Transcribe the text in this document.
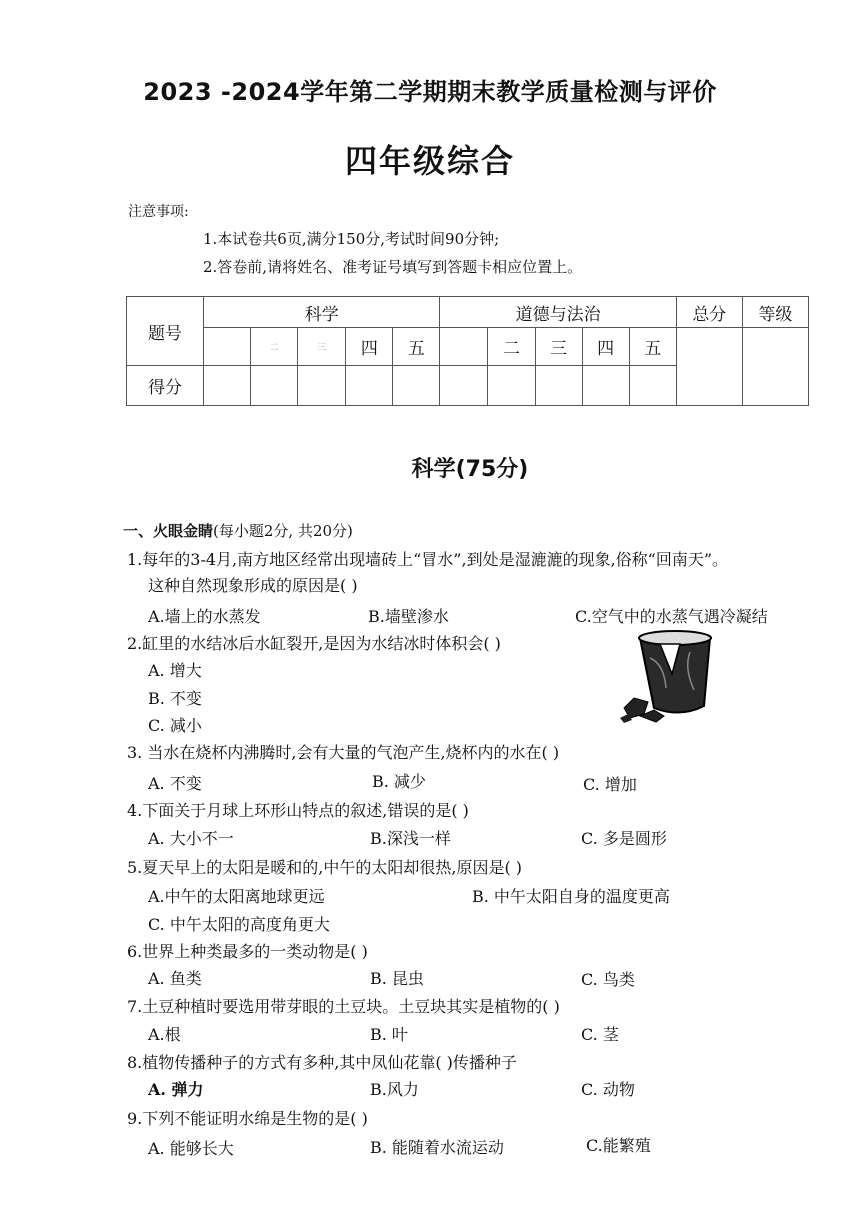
2023 -2024学年第二学期期末教学质量检测与评价
四年级综合
注意事项:
1.本试卷共6页,满分150分,考试时间90分钟;
2.答卷前,请将姓名、准考证号填写到答题卡相应位置上。
题号	科学					道德与法治					总分	等级
		二	三	四	五		二	三	四	五		
得分												
科学(75分)
一、火眼金睛(每小题2分, 共20分)
1.每年的3-4月,南方地区经常出现墙砖上“冒水”,到处是湿漉漉的现象,俗称“回南天”。
这种自然现象形成的原因是( )
A.墙上的水蒸发	B.墙壁渗水	C.空气中的水蒸气遇冷凝结
2.缸里的水结冰后水缸裂开,是因为水结冰时体积会( )
A. 增大
B. 不变
C. 减小
3. 当水在烧杯内沸腾时,会有大量的气泡产生,烧杯内的水在( )
A. 不变	B. 减少	C. 增加
4.下面关于月球上环形山特点的叙述,错误的是( )
A. 大小不一	B.深浅一样	C. 多是圆形
5.夏天早上的太阳是暖和的,中午的太阳却很热,原因是( )
A.中午的太阳离地球更远	B. 中午太阳自身的温度更高
C. 中午太阳的高度角更大
6.世界上种类最多的一类动物是( )
A. 鱼类	B. 昆虫	C. 鸟类
7.土豆种植时要选用带芽眼的土豆块。土豆块其实是植物的( )
A.根	B. 叶	C. 茎
8.植物传播种子的方式有多种,其中凤仙花靠( )传播种子
A. 弹力	B.风力	C. 动物
9.下列不能证明水绵是生物的是( )
A. 能够长大	B. 能随着水流运动	C.能繁殖
